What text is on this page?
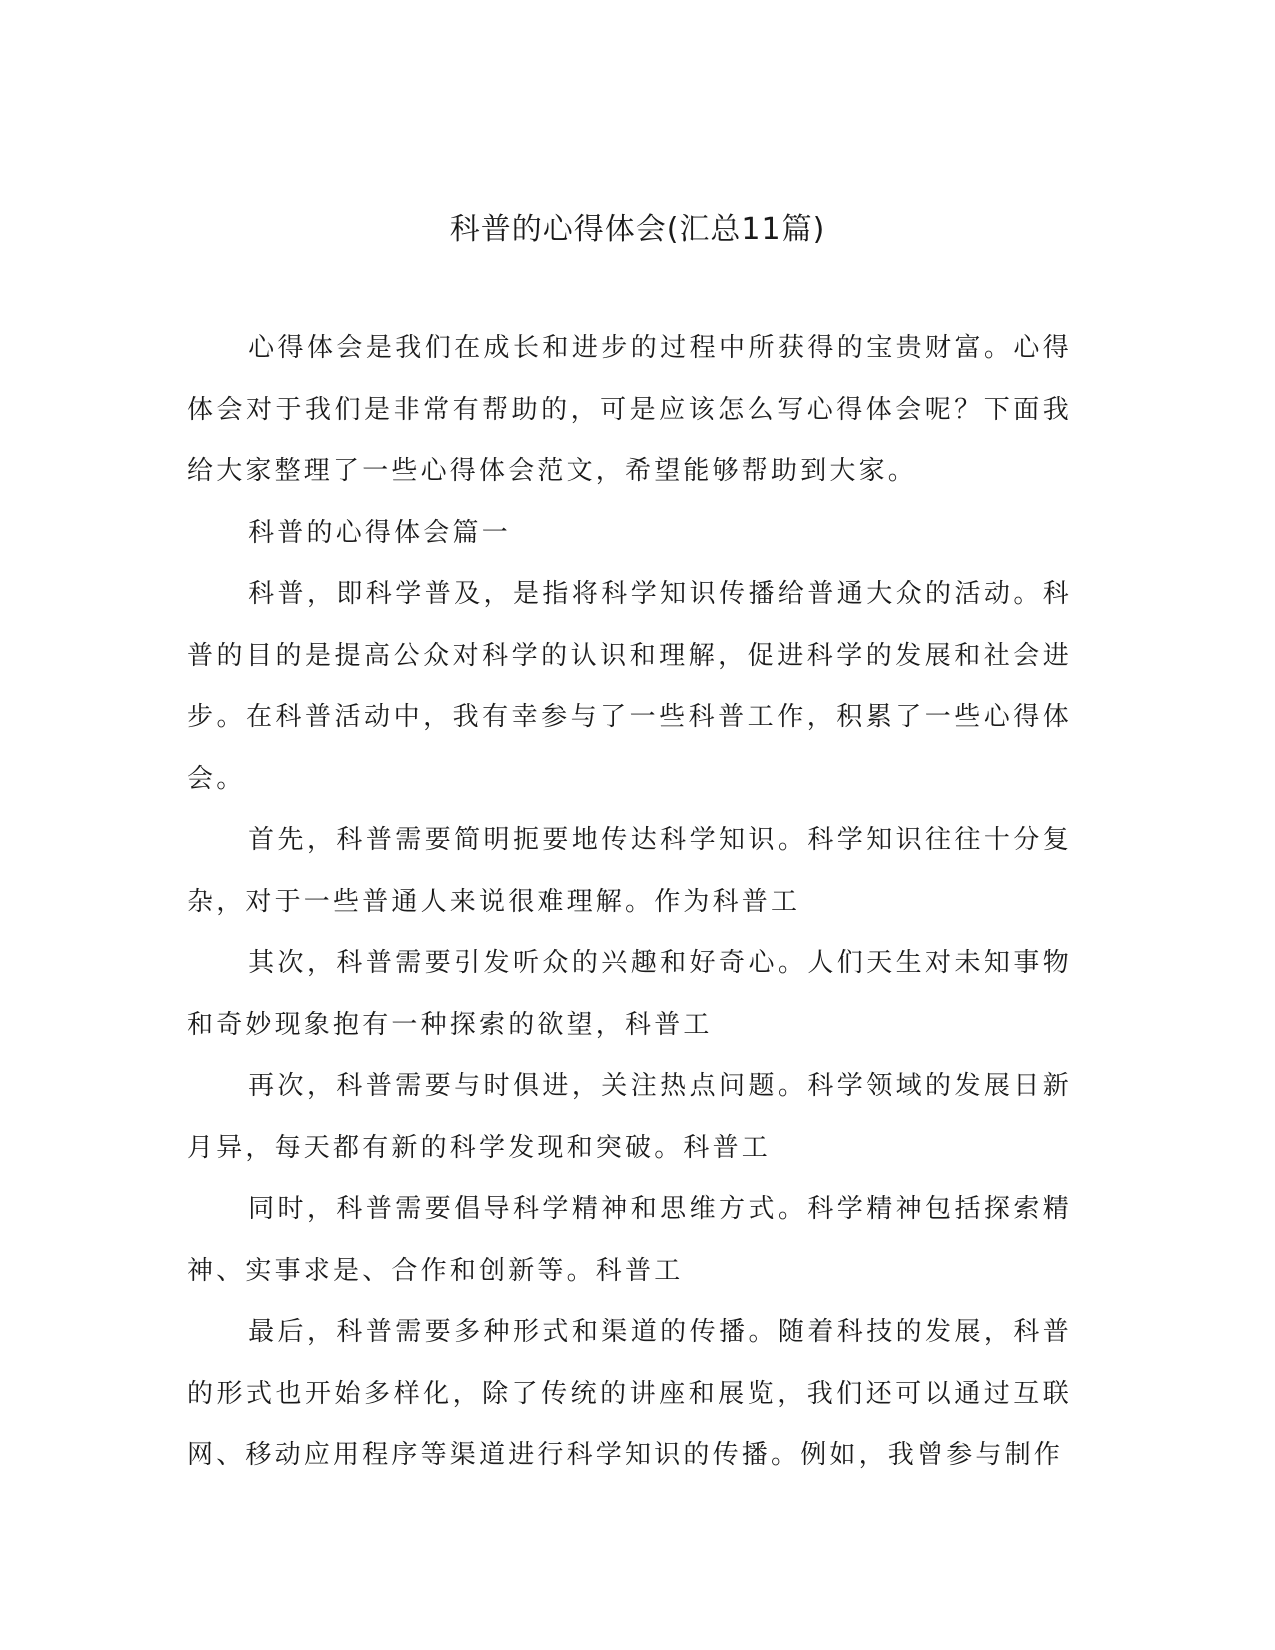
科普的心得体会(汇总11篇)

心得体会是我们在成长和进步的过程中所获得的宝贵财富。心得体会对于我们是非常有帮助的，可是应该怎么写心得体会呢？下面我给大家整理了一些心得体会范文，希望能够帮助到大家。

科普的心得体会篇一

科普，即科学普及，是指将科学知识传播给普通大众的活动。科普的目的是提高公众对科学的认识和理解，促进科学的发展和社会进步。在科普活动中，我有幸参与了一些科普工作，积累了一些心得体会。

首先，科普需要简明扼要地传达科学知识。科学知识往往十分复杂，对于一些普通人来说很难理解。作为科普工

其次，科普需要引发听众的兴趣和好奇心。人们天生对未知事物和奇妙现象抱有一种探索的欲望，科普工

再次，科普需要与时俱进，关注热点问题。科学领域的发展日新月异，每天都有新的科学发现和突破。科普工

同时，科普需要倡导科学精神和思维方式。科学精神包括探索精神、实事求是、合作和创新等。科普工

最后，科普需要多种形式和渠道的传播。随着科技的发展，科普的形式也开始多样化，除了传统的讲座和展览，我们还可以通过互联网、移动应用程序等渠道进行科学知识的传播。例如，我曾参与制作
